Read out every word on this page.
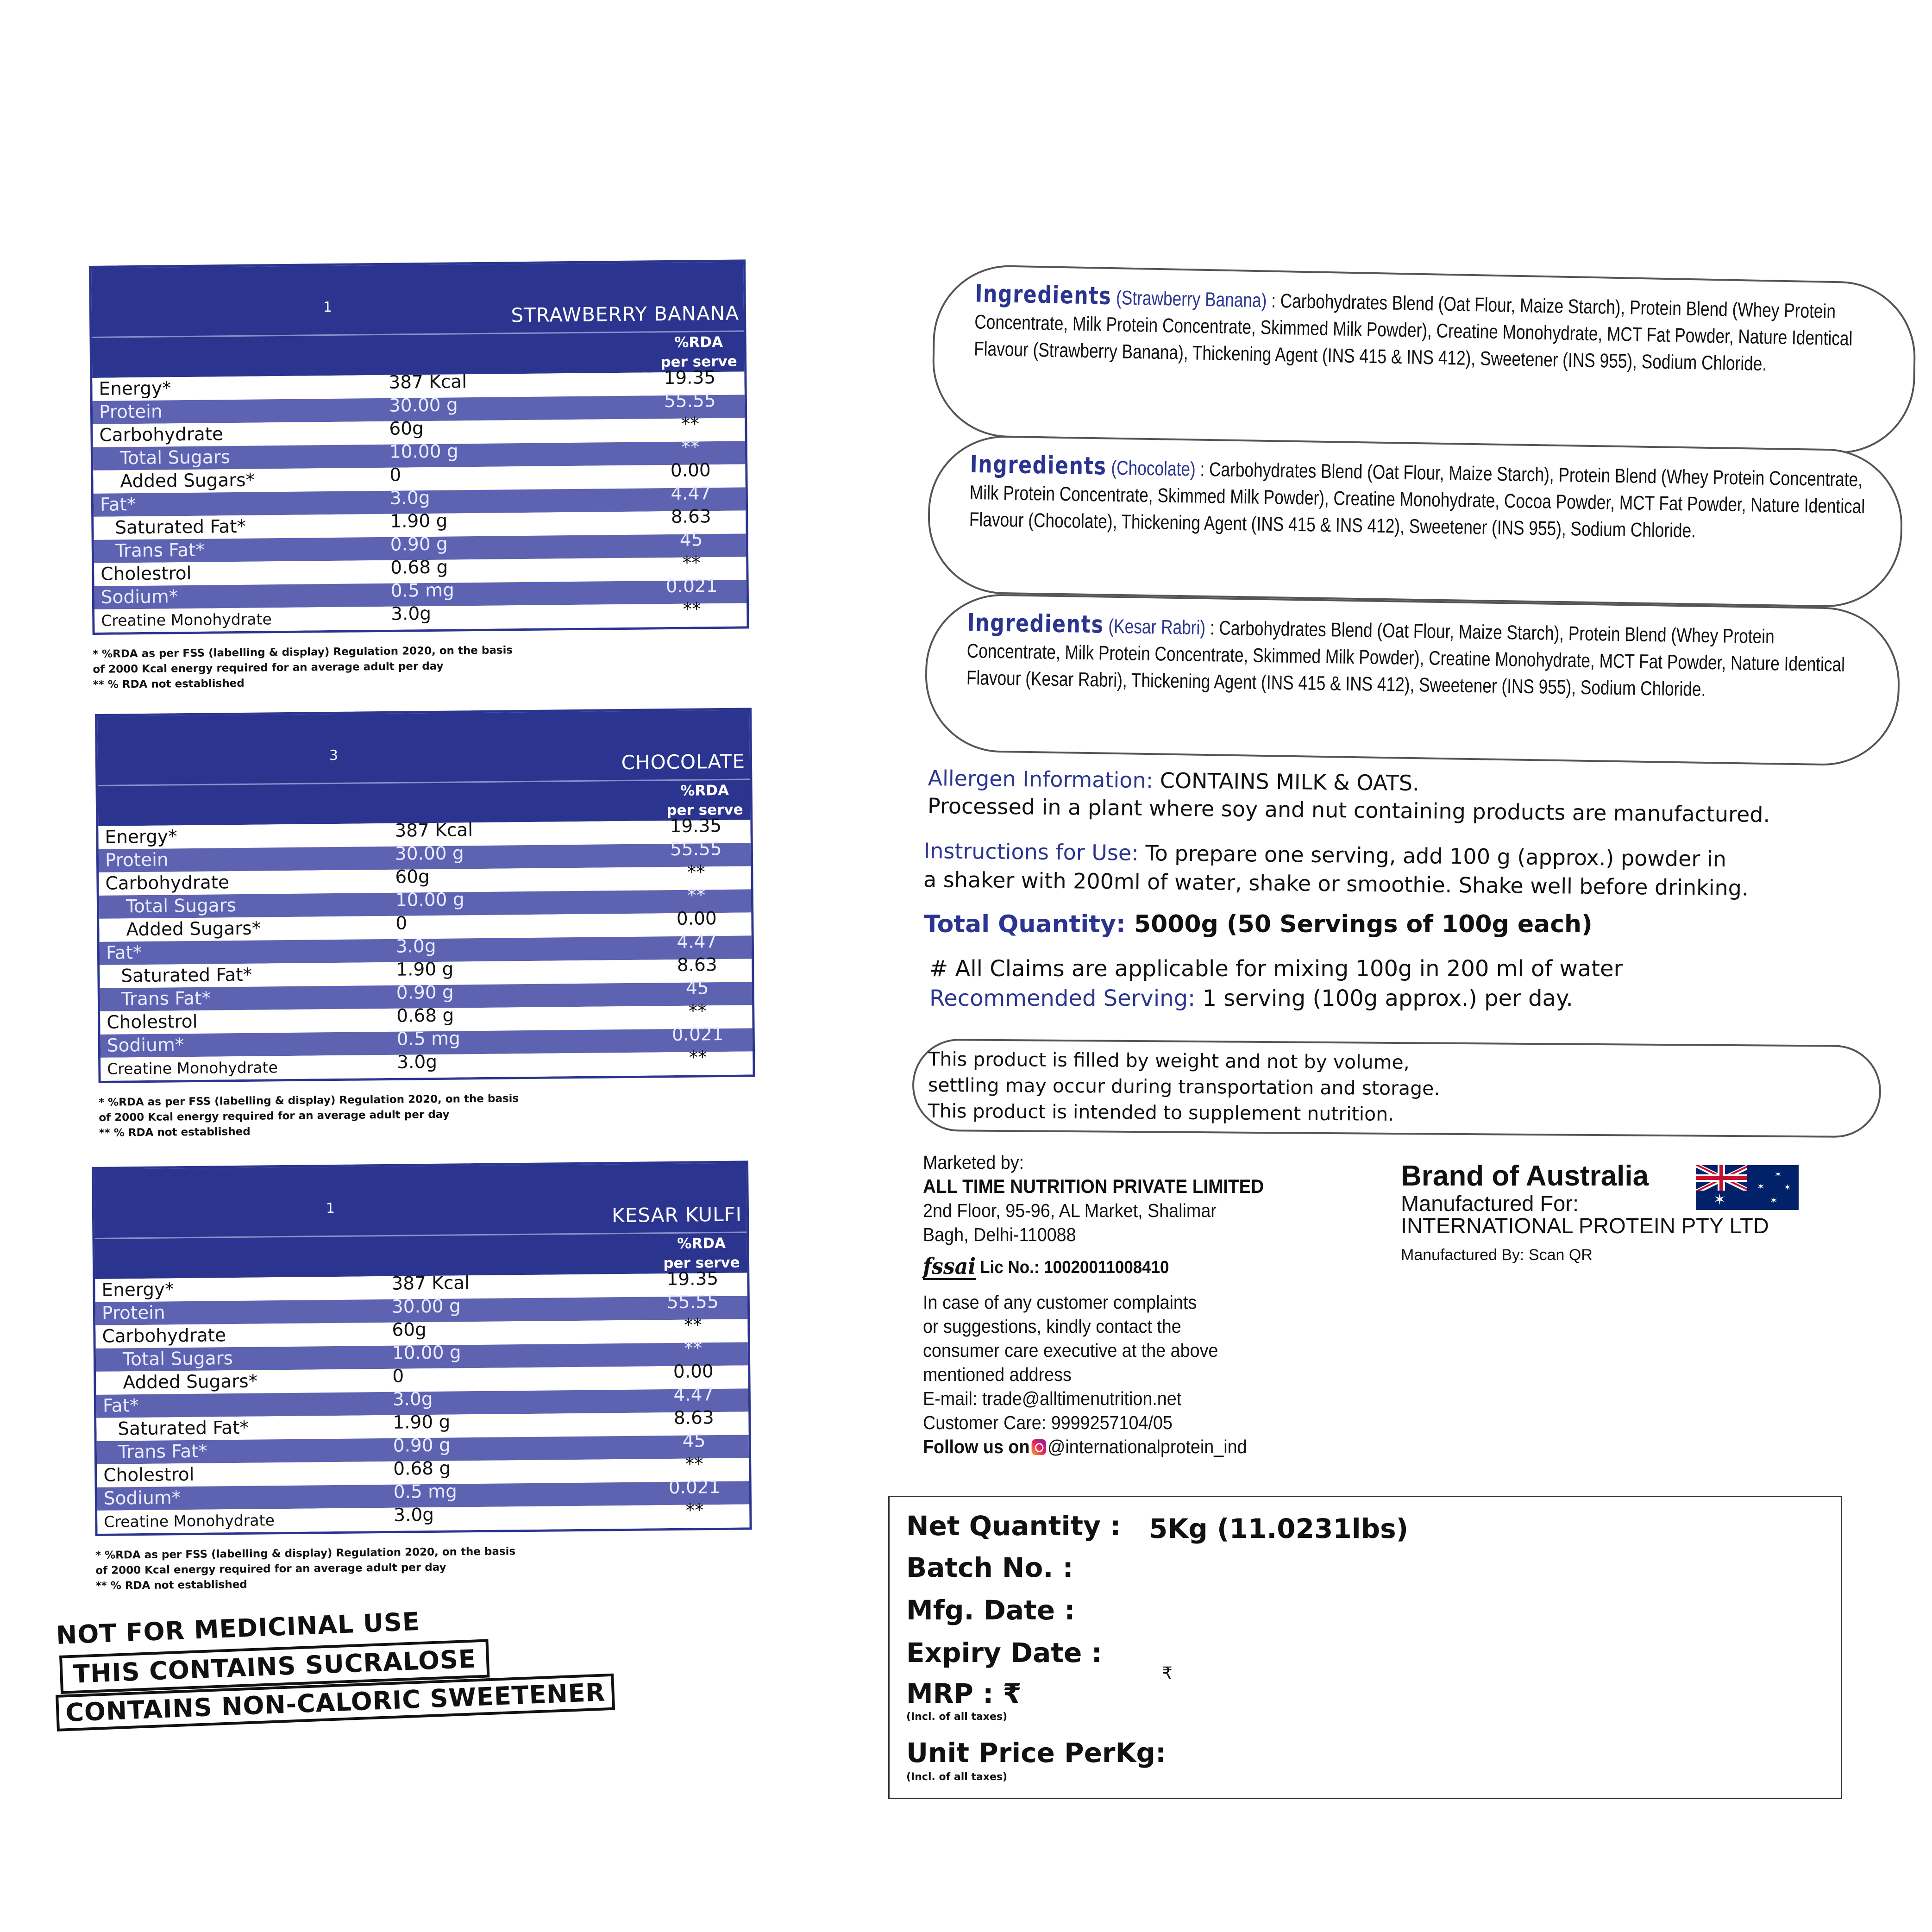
1	STRAWBERRY BANANA
%RDA
per serve
Energy*	387 Kcal	19.35
Protein	30.00 g	55.55
Carbohydrate	60g	**
Total Sugars	10.00 g	**
Added Sugars*	0	0.00
Fat*	3.0g	4.47
Saturated Fat*	1.90 g	8.63
Trans Fat*	0.90 g	45
Cholestrol	0.68 g	**
Sodium*	0.5 mg	0.021
Creatine Monohydrate	3.0g	**
* %RDA as per FSS (labelling & display) Regulation 2020, on the basis
of 2000 Kcal energy required for an average adult per day
** % RDA not established
3	CHOCOLATE
%RDA
per serve
Energy*	387 Kcal	19.35
Protein	30.00 g	55.55
Carbohydrate	60g	**
Total Sugars	10.00 g	**
Added Sugars*	0	0.00
Fat*	3.0g	4.47
Saturated Fat*	1.90 g	8.63
Trans Fat*	0.90 g	45
Cholestrol	0.68 g	**
Sodium*	0.5 mg	0.021
Creatine Monohydrate	3.0g	**
* %RDA as per FSS (labelling & display) Regulation 2020, on the basis
of 2000 Kcal energy required for an average adult per day
** % RDA not established
1	KESAR KULFI
%RDA
per serve
Energy*	387 Kcal	19.35
Protein	30.00 g	55.55
Carbohydrate	60g	**
Total Sugars	10.00 g	**
Added Sugars*	0	0.00
Fat*	3.0g	4.47
Saturated Fat*	1.90 g	8.63
Trans Fat*	0.90 g	45
Cholestrol	0.68 g	**
Sodium*	0.5 mg	0.021
Creatine Monohydrate	3.0g	**
* %RDA as per FSS (labelling & display) Regulation 2020, on the basis
of 2000 Kcal energy required for an average adult per day
** % RDA not established
NOT FOR MEDICINAL USE
THIS CONTAINS SUCRALOSE
CONTAINS NON-CALORIC SWEETENER
Ingredients (Strawberry Banana) : Carbohydrates Blend (Oat Flour, Maize Starch), Protein Blend (Whey Protein Concentrate, Milk Protein Concentrate, Skimmed Milk Powder), Creatine Monohydrate, MCT Fat Powder, Nature Identical Flavour (Strawberry Banana), Thickening Agent (INS 415 & INS 412), Sweetener (INS 955), Sodium Chloride.
Ingredients (Chocolate) : Carbohydrates Blend (Oat Flour, Maize Starch), Protein Blend (Whey Protein Concentrate, Milk Protein Concentrate, Skimmed Milk Powder), Creatine Monohydrate, Cocoa Powder, MCT Fat Powder, Nature Identical Flavour (Chocolate), Thickening Agent (INS 415 & INS 412), Sweetener (INS 955), Sodium Chloride.
Ingredients (Kesar Rabri) : Carbohydrates Blend (Oat Flour, Maize Starch), Protein Blend (Whey Protein Concentrate, Milk Protein Concentrate, Skimmed Milk Powder), Creatine Monohydrate, MCT Fat Powder, Nature Identical Flavour (Kesar Rabri), Thickening Agent (INS 415 & INS 412), Sweetener (INS 955), Sodium Chloride.
Allergen Information: CONTAINS MILK & OATS.
Processed in a plant where soy and nut containing products are manufactured.
Instructions for Use: To prepare one serving, add 100 g (approx.) powder in
a shaker with 200ml of water, shake or smoothie. Shake well before drinking.
Total Quantity: 5000g (50 Servings of 100g each)
# All Claims are applicable for mixing 100g in 200 ml of water
Recommended Serving: 1 serving (100g approx.) per day.
This product is filled by weight and not by volume,
settling may occur during transportation and storage.
This product is intended to supplement nutrition.
Marketed by:
ALL TIME NUTRITION PRIVATE LIMITED
2nd Floor, 95-96, AL Market, Shalimar
Bagh, Delhi-110088
fssai Lic No.: 10020011008410
In case of any customer complaints
or suggestions, kindly contact the
consumer care executive at the above
mentioned address
E-mail: trade@alltimenutrition.net
Customer Care: 9999257104/05
Follow us on @internationalprotein_ind
Brand of Australia
Manufactured For:
INTERNATIONAL PROTEIN PTY LTD
Manufactured By: Scan QR
✶	✶
✶
✶
✶
Net Quantity : 5Kg (11.0231lbs)
Batch No. :
Mfg. Date :
Expiry Date :
MRP : ₹
₹
(Incl. of all taxes)
Unit Price PerKg:
(Incl. of all taxes)
